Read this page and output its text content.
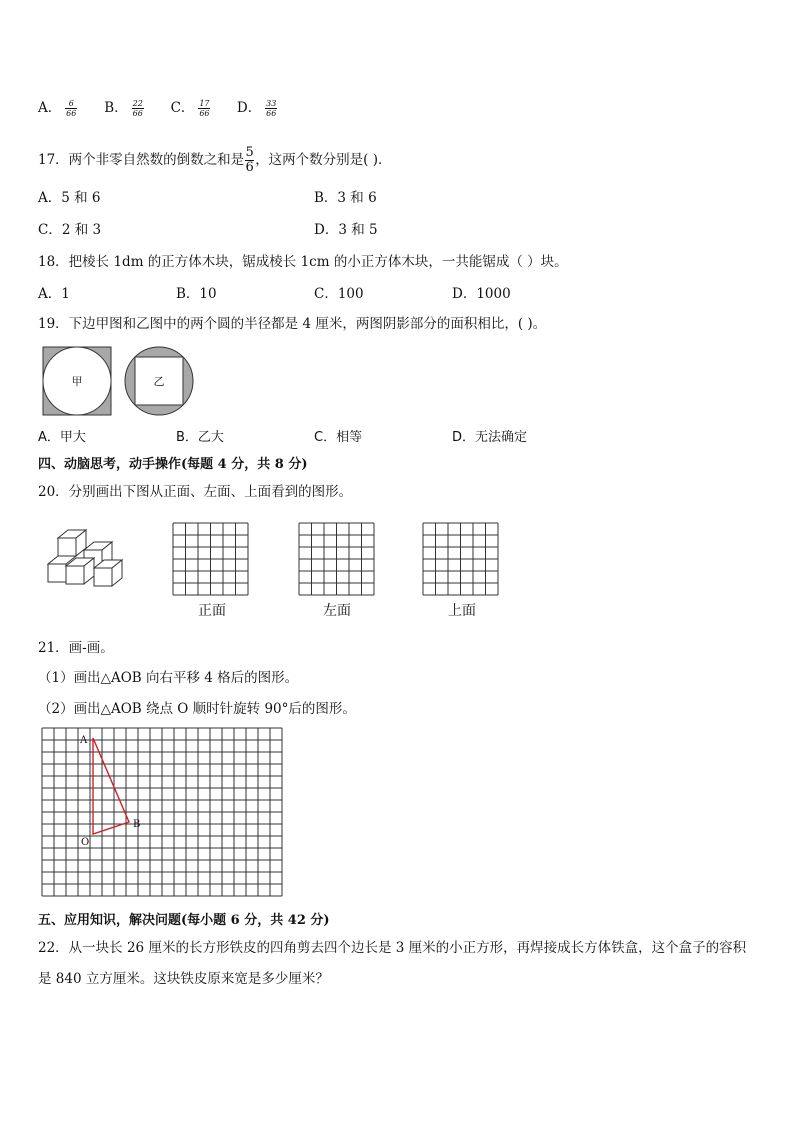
A． $\frac{6}{66}$ B． $\frac{22}{66}$ C． $\frac{17}{66}$ D． $\frac{33}{66}$
17．两个非零自然数的倒数之和是 $\frac{5}{6}$ ，这两个数分别是( )．
A．5 和 6	B．3 和 6
C．2 和 3	D．3 和 5
18．把棱长 1dm 的正方体木块，锯成棱长 1cm 的小正方体木块，一共能锯成（ ）块。
A．1	B．10	C．100	D．1000
19．下边甲图和乙图中的两个圆的半径都是 4 厘米，两图阴影部分的面积相比，( )。
甲	乙
A．甲大	B．乙大	C．相等	D．无法确定
四、动脑思考，动手操作(每题 4 分，共 8 分)
20．分别画出下图从正面、左面、上面看到的图形。
正面	左面	上面
21．画-画。
（1）画出△AOB 向右平移 4 格后的图形。
（2）画出△AOB 绕点 O 顺时针旋转 90°后的图形。
A
B
O
五、应用知识，解决问题(每小题 6 分，共 42 分)
22．从一块长 26 厘米的长方形铁皮的四角剪去四个边长是 3 厘米的小正方形，再焊接成长方体铁盒，这个盒子的容积
是 840 立方厘米。这块铁皮原来宽是多少厘米？
